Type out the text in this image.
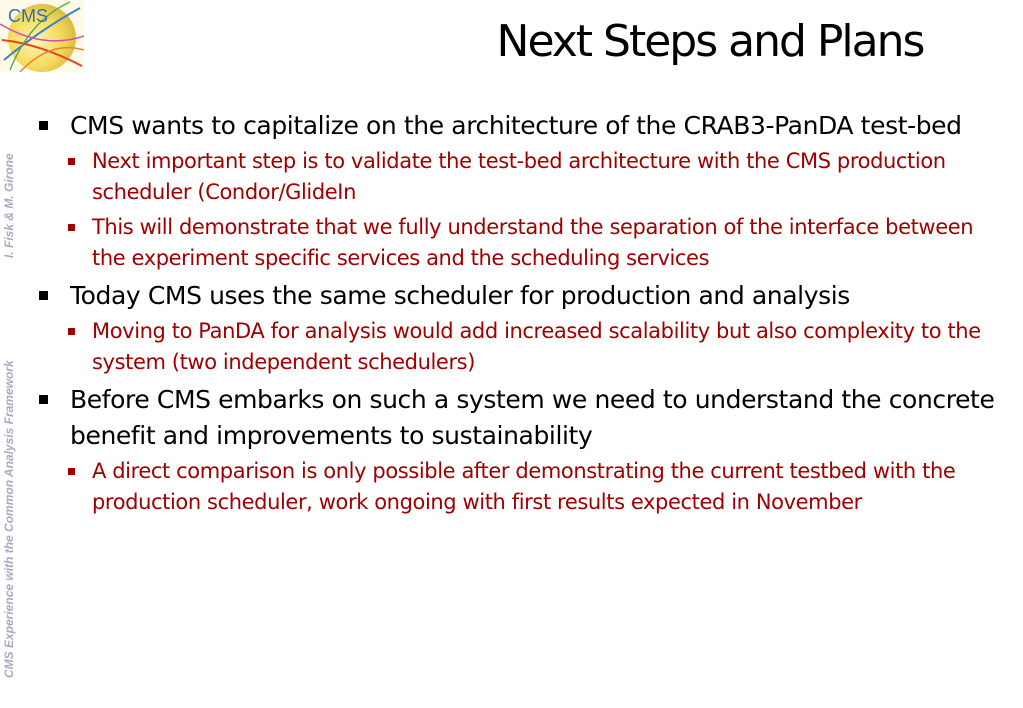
CMS
CMS Experience with the Common Analysis Framework
I. Fisk & M. Girone
Next Steps and Plans
CMS wants to capitalize on the architecture of the CRAB3-PanDA test-bed
Next important step is to validate the test-bed architecture with the CMS production scheduler (Condor/GlideIn
This will demonstrate that we fully understand the separation of the interface between the experiment specific services and the scheduling services
Today CMS uses the same scheduler for production and analysis
Moving to PanDA for analysis would add increased scalability but also complexity to the system (two independent schedulers)
Before CMS embarks on such a system we need to understand the concrete benefit and improvements to sustainability
A direct comparison is only possible after demonstrating the current testbed with the production scheduler, work ongoing with first results expected in November
